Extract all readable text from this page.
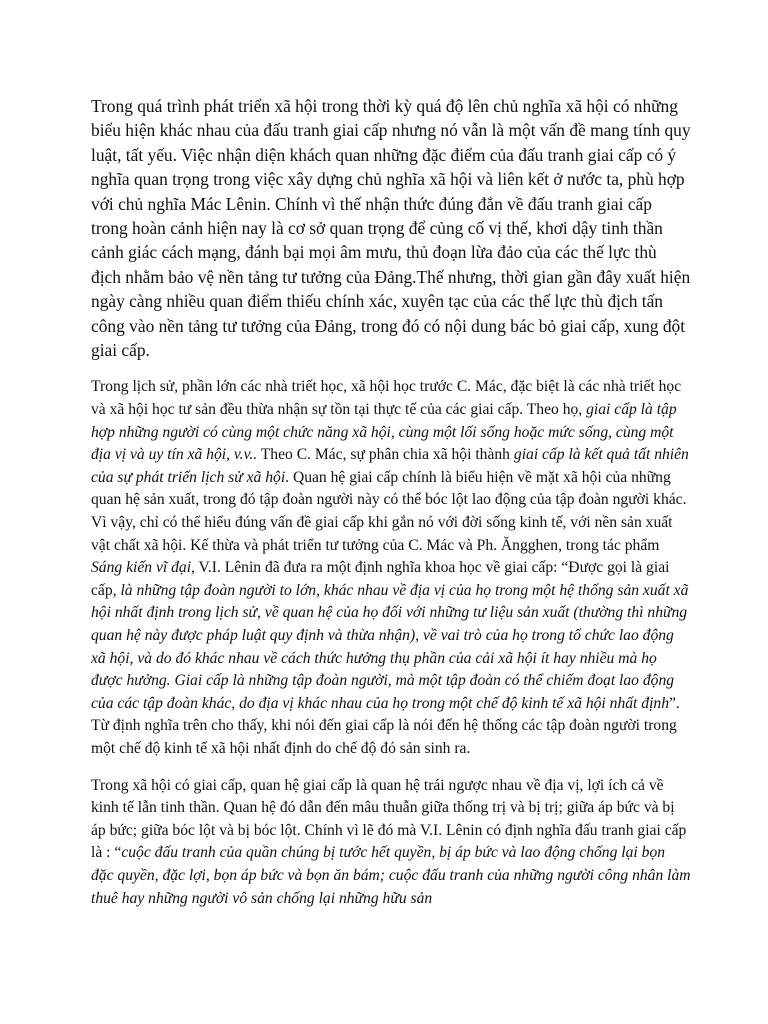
Trong quá trình phát triển xã hội trong thời kỳ quá độ lên chủ nghĩa xã hội có những biểu hiện khác nhau của đấu tranh giai cấp nhưng nó vẫn là một vấn đề mang tính quy luật, tất yếu. Việc nhận diện khách quan những đặc điểm của đấu tranh giai cấp có ý nghĩa quan trọng trong việc xây dựng chủ nghĩa xã hội và liên kết ở nước ta, phù hợp với chủ nghĩa Mác Lênin. Chính vì thế nhận thức đúng đắn về đấu tranh giai cấp trong hoàn cảnh hiện nay là cơ sở quan trọng để củng cố vị thế, khơi dậy tinh thần cảnh giác cách mạng, đánh bại mọi âm mưu, thủ đoạn lừa đảo của các thế lực thù địch nhằm bảo vệ nền tảng tư tưởng của Đảng.Thế nhưng, thời gian gần đây xuất hiện ngày càng nhiều quan điểm thiếu chính xác, xuyên tạc của các thế lực thù địch tấn công vào nền tảng tư tưởng của Đảng, trong đó có nội dung bác bỏ giai cấp, xung đột giai cấp.

Trong lịch sử, phần lớn các nhà triết học, xã hội học trước C. Mác, đặc biệt là các nhà triết học và xã hội học tư sản đều thừa nhận sự tồn tại thực tế của các giai cấp. Theo họ, giai cấp là tập hợp những người có cùng một chức năng xã hội, cùng một lối sống hoặc mức sống, cùng một địa vị và uy tín xã hội, v.v.. Theo C. Mác, sự phân chia xã hội thành giai cấp là kết quả tất nhiên của sự phát triển lịch sử xã hội. Quan hệ giai cấp chính là biểu hiện về mặt xã hội của những quan hệ sản xuất, trong đó tập đoàn người này có thể bóc lột lao động của tập đoàn người khác. Vì vậy, chỉ có thể hiểu đúng vấn đề giai cấp khi gắn nó với đời sống kinh tế, với nền sản xuất vật chất xã hội. Kế thừa và phát triển tư tưởng của C. Mác và Ph. Ăngghen, trong tác phẩm Sáng kiến vĩ đại, V.I. Lênin đã đưa ra một định nghĩa khoa học về giai cấp: “Được gọi là giai cấp, là những tập đoàn người to lớn, khác nhau về địa vị của họ trong một hệ thống sản xuất xã hội nhất định trong lịch sử, về quan hệ của họ đối với những tư liệu sản xuất (thường thì những quan hệ này được pháp luật quy định và thừa nhận), về vai trò của họ trong tổ chức lao động xã hội, và do đó khác nhau về cách thức hưởng thụ phần của cải xã hội ít hay nhiều mà họ được hưởng. Giai cấp là những tập đoàn người, mà một tập đoàn có thể chiếm đoạt lao động của các tập đoàn khác, do địa vị khác nhau của họ trong một chế độ kinh tế xã hội nhất định”. Từ định nghĩa trên cho thấy, khi nói đến giai cấp là nói đến hệ thống các tập đoàn người trong một chế độ kinh tế xã hội nhất định do chế độ đó sản sinh ra.

Trong xã hội có giai cấp, quan hệ giai cấp là quan hệ trái ngược nhau về địa vị, lợi ích cả về kinh tế lẫn tinh thần. Quan hệ đó dẫn đến mâu thuẫn giữa thống trị và bị trị; giữa áp bức và bị áp bức; giữa bóc lột và bị bóc lột. Chính vì lẽ đó mà V.I. Lênin có định nghĩa đấu tranh giai cấp là : “cuộc đấu tranh của quần chúng bị tước hết quyền, bị áp bức và lao động chống lại bọn đặc quyền, đặc lợi, bọn áp bức và bọn ăn bám; cuộc đấu tranh của những người công nhân làm thuê hay những người vô sản chống lại những hữu sản
